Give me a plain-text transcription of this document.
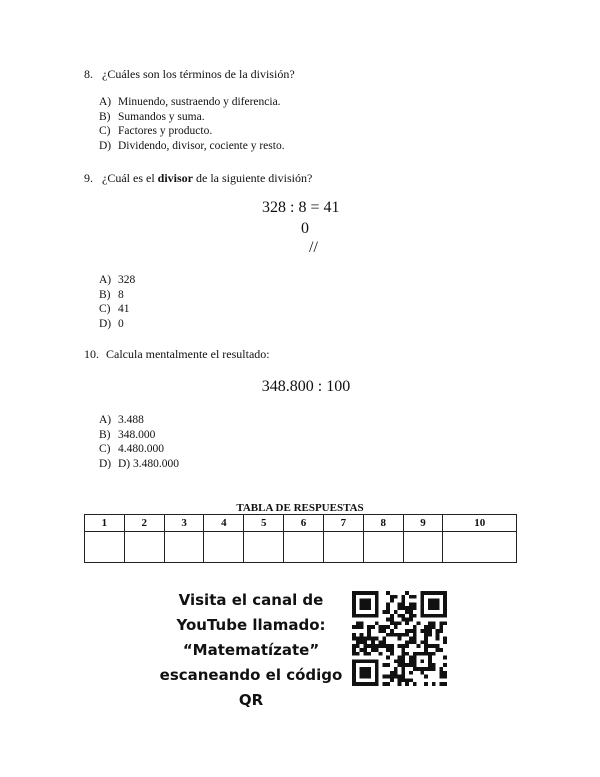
8. ¿Cuáles son los términos de la división?
A) Minuendo, sustraendo y diferencia.
B) Sumandos y suma.
C) Factores y producto.
D) Dividendo, divisor, cociente y resto.
9. ¿Cuál es el divisor de la siguiente división?
328 : 8 = 41
0
//
A) 328
B) 8
C) 41
D) 0
10. Calcula mentalmente el resultado:
348.800 : 100
A) 3.488
B) 348.000
C) 4.480.000
D) D) 3.480.000
TABLA DE RESPUESTAS
1	2	3	4	5	6	7	8	9	10

Visita el canal de
YouTube llamado:
“Matematízate”
escaneando el código QR
